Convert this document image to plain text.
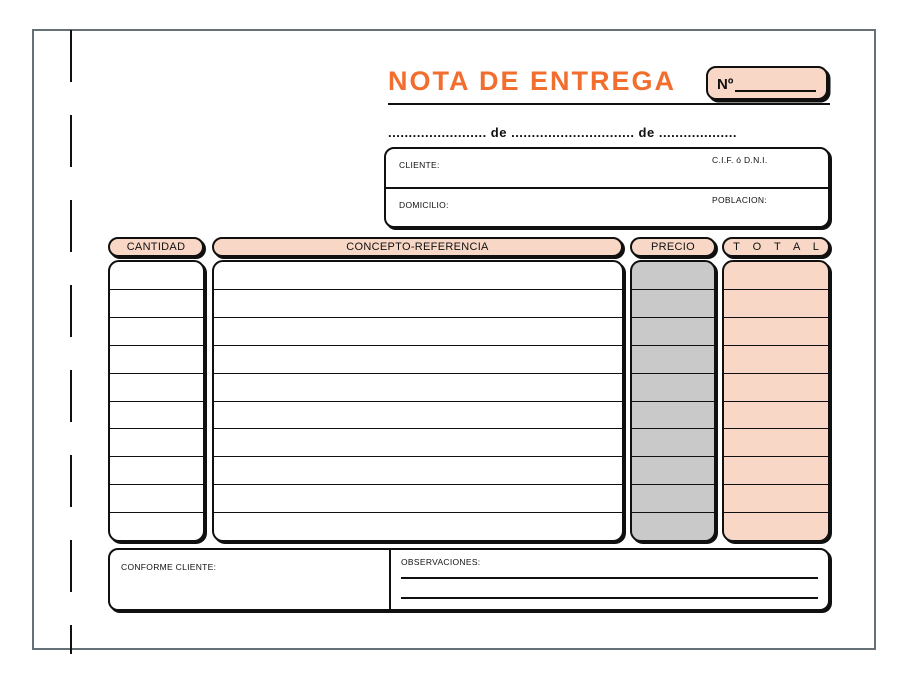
NOTA DE ENTREGA	Nº
........................ de .............................. de ...................
CLIENTE:	C.I.F. ó D.N.I.
DOMICILIO:	POBLACION:
CANTIDAD	CONCEPTO-REFERENCIA	PRECIO	T O T A L
CONFORME CLIENTE:	OBSERVACIONES:
